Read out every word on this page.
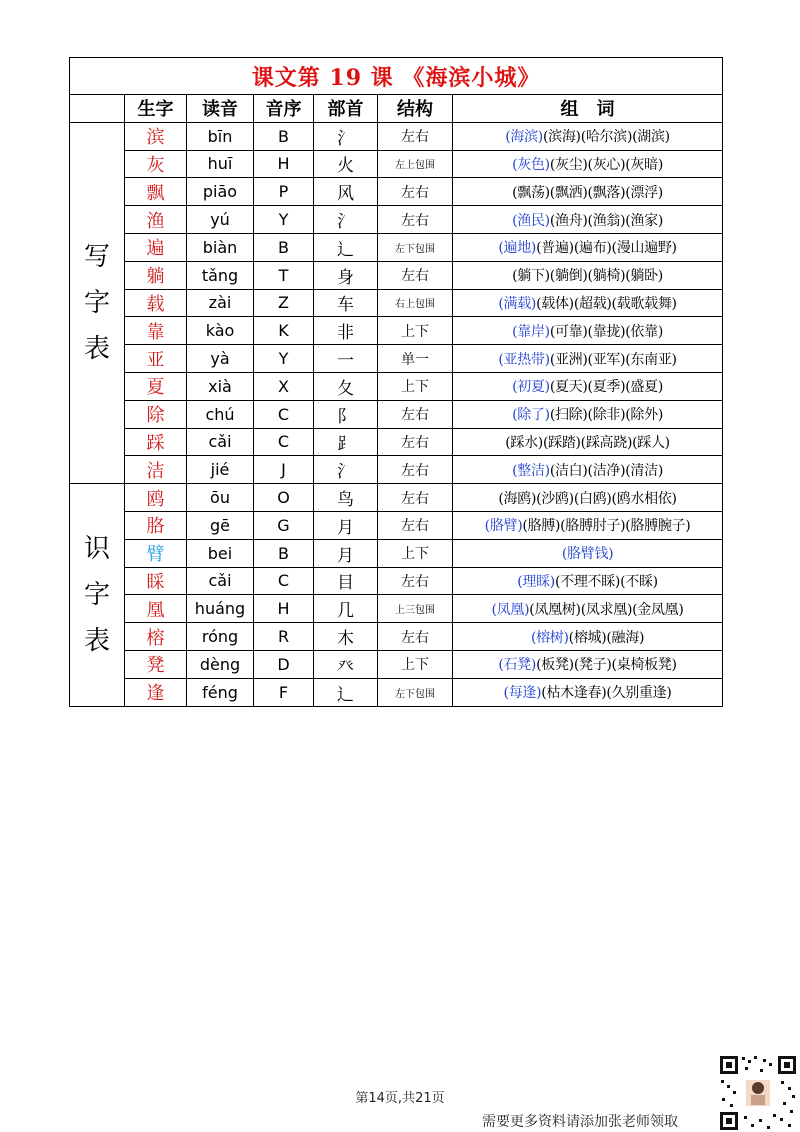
课文第 19 课 《海滨小城》						
	生字	读音	音序	部首	结构	组　词

写
字
表	滨	bīn	B	氵	左右	(海滨)(滨海)(哈尔滨)(湖滨)
	灰	huī	H	火	左上包围	(灰色)(灰尘)(灰心)(灰暗)
	飘	piāo	P	风	左右	(飘荡)(飘洒)(飘落)(漂浮)
	渔	yú	Y	氵	左右	(渔民)(渔舟)(渔翁)(渔家)
	遍	biàn	B	辶	左下包围	(遍地)(普遍)(遍布)(漫山遍野)
	躺	tǎng	T	身	左右	(躺下)(躺倒)(躺椅)(躺卧)
	载	zài	Z	车	右上包围	(满载)(载体)(超载)(载歌载舞)
	靠	kào	K	非	上下	(靠岸)(可靠)(靠拢)(依靠)
	亚	yà	Y	一	单一	(亚热带)(亚洲)(亚军)(东南亚)
	夏	xià	X	夂	上下	(初夏)(夏天)(夏季)(盛夏)
	除	chú	C	阝	左右	(除了)(扫除)(除非)(除外)
	踩	cǎi	C	⻊	左右	(踩水)(踩踏)(踩高跷)(踩人)
	洁	jié	J	氵	左右	(整洁)(洁白)(洁净)(清洁)

识
字
表	鸥	ōu	O	鸟	左右	(海鸥)(沙鸥)(白鸥)(鸥水相依)
	胳	gē	G	月	左右	(胳臂)(胳膊)(胳膊肘子)(胳膊腕子)
	臂	bei	B	月	上下	(胳臂钱)
	睬	cǎi	C	目	左右	(理睬)(不理不睬)(不睬)
	凰	huáng	H	几	上三包围	(凤凰)(凤凰树)(凤求凰)(金凤凰)
	榕	róng	R	木	左右	(榕树)(榕城)(融海)
	凳	dèng	D	癶	上下	(石凳)(板凳)(凳子)(桌椅板凳)
	逢	féng	F	辶	左下包围	(每逢)(枯木逢春)(久别重逢)
第14页,共21页
需要更多资料请添加张老师领取
